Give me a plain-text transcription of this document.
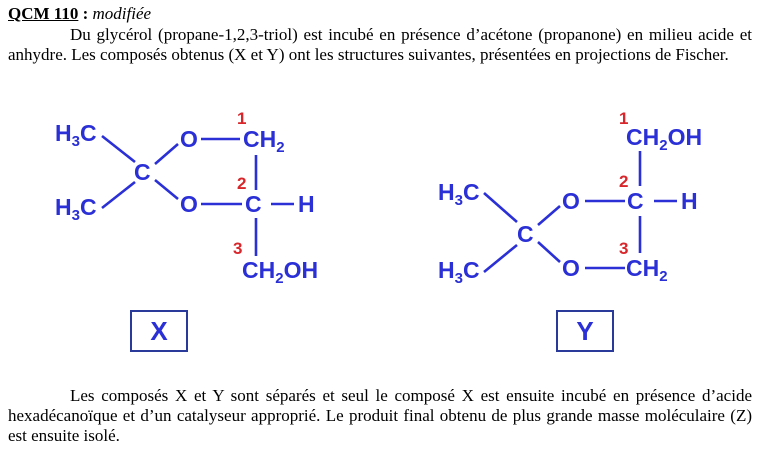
QCM 110 : modifiée

Du glycérol (propane-1,2,3-triol) est incubé en présence d’acétone (propanone) en milieu acide et anhydre. Les composés obtenus (X et Y) ont les structures suivantes, présentées en projections de Fischer.

$H_3C$
$H_3C$
C
O
O
1
$CH_2$
2
C H
3
$CH_2OH$
$H_3C$
$H_3C$
C
O
O
1
$CH_2OH$
2
C H
3
$CH_2$
X	Y

Les composés X et Y sont séparés et seul le composé X est ensuite incubé en présence d’acide hexadécanoïque et d’un catalyseur approprié. Le produit final obtenu de plus grande masse moléculaire (Z) est ensuite isolé.
